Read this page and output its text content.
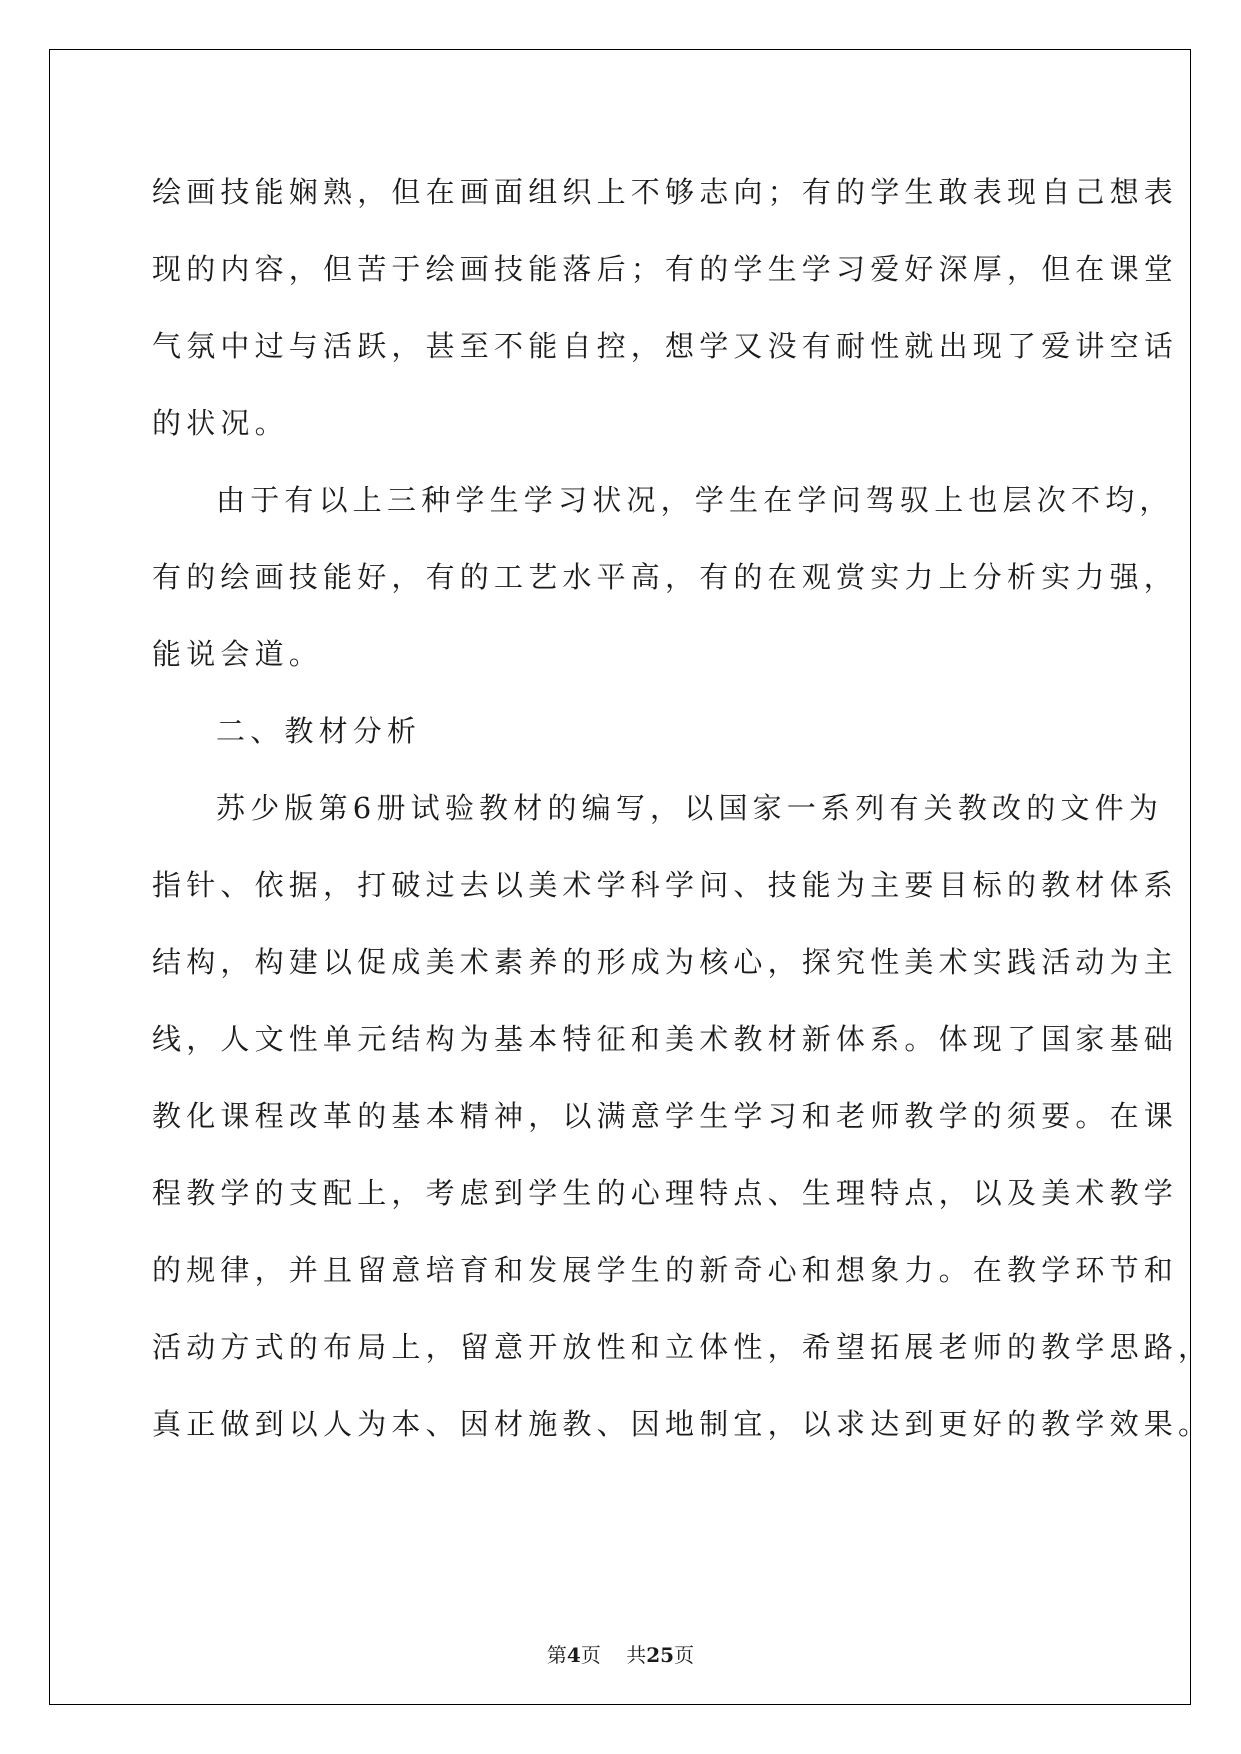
绘画技能娴熟，但在画面组织上不够志向；有的学生敢表现自己想表
现的内容，但苦于绘画技能落后；有的学生学习爱好深厚，但在课堂
气氛中过与活跃，甚至不能自控，想学又没有耐性就出现了爱讲空话
的状况。
由于有以上三种学生学习状况，学生在学问驾驭上也层次不均，
有的绘画技能好，有的工艺水平高，有的在观赏实力上分析实力强，
能说会道。
二、教材分析
苏少版第6册试验教材的编写，以国家一系列有关教改的文件为
指针、依据，打破过去以美术学科学问、技能为主要目标的教材体系
结构，构建以促成美术素养的形成为核心，探究性美术实践活动为主
线，人文性单元结构为基本特征和美术教材新体系。体现了国家基础
教化课程改革的基本精神，以满意学生学习和老师教学的须要。在课
程教学的支配上，考虑到学生的心理特点、生理特点，以及美术教学
的规律，并且留意培育和发展学生的新奇心和想象力。在教学环节和
活动方式的布局上，留意开放性和立体性，希望拓展老师的教学思路，
真正做到以人为本、因材施教、因地制宜，以求达到更好的教学效果。
第4页 共25页
